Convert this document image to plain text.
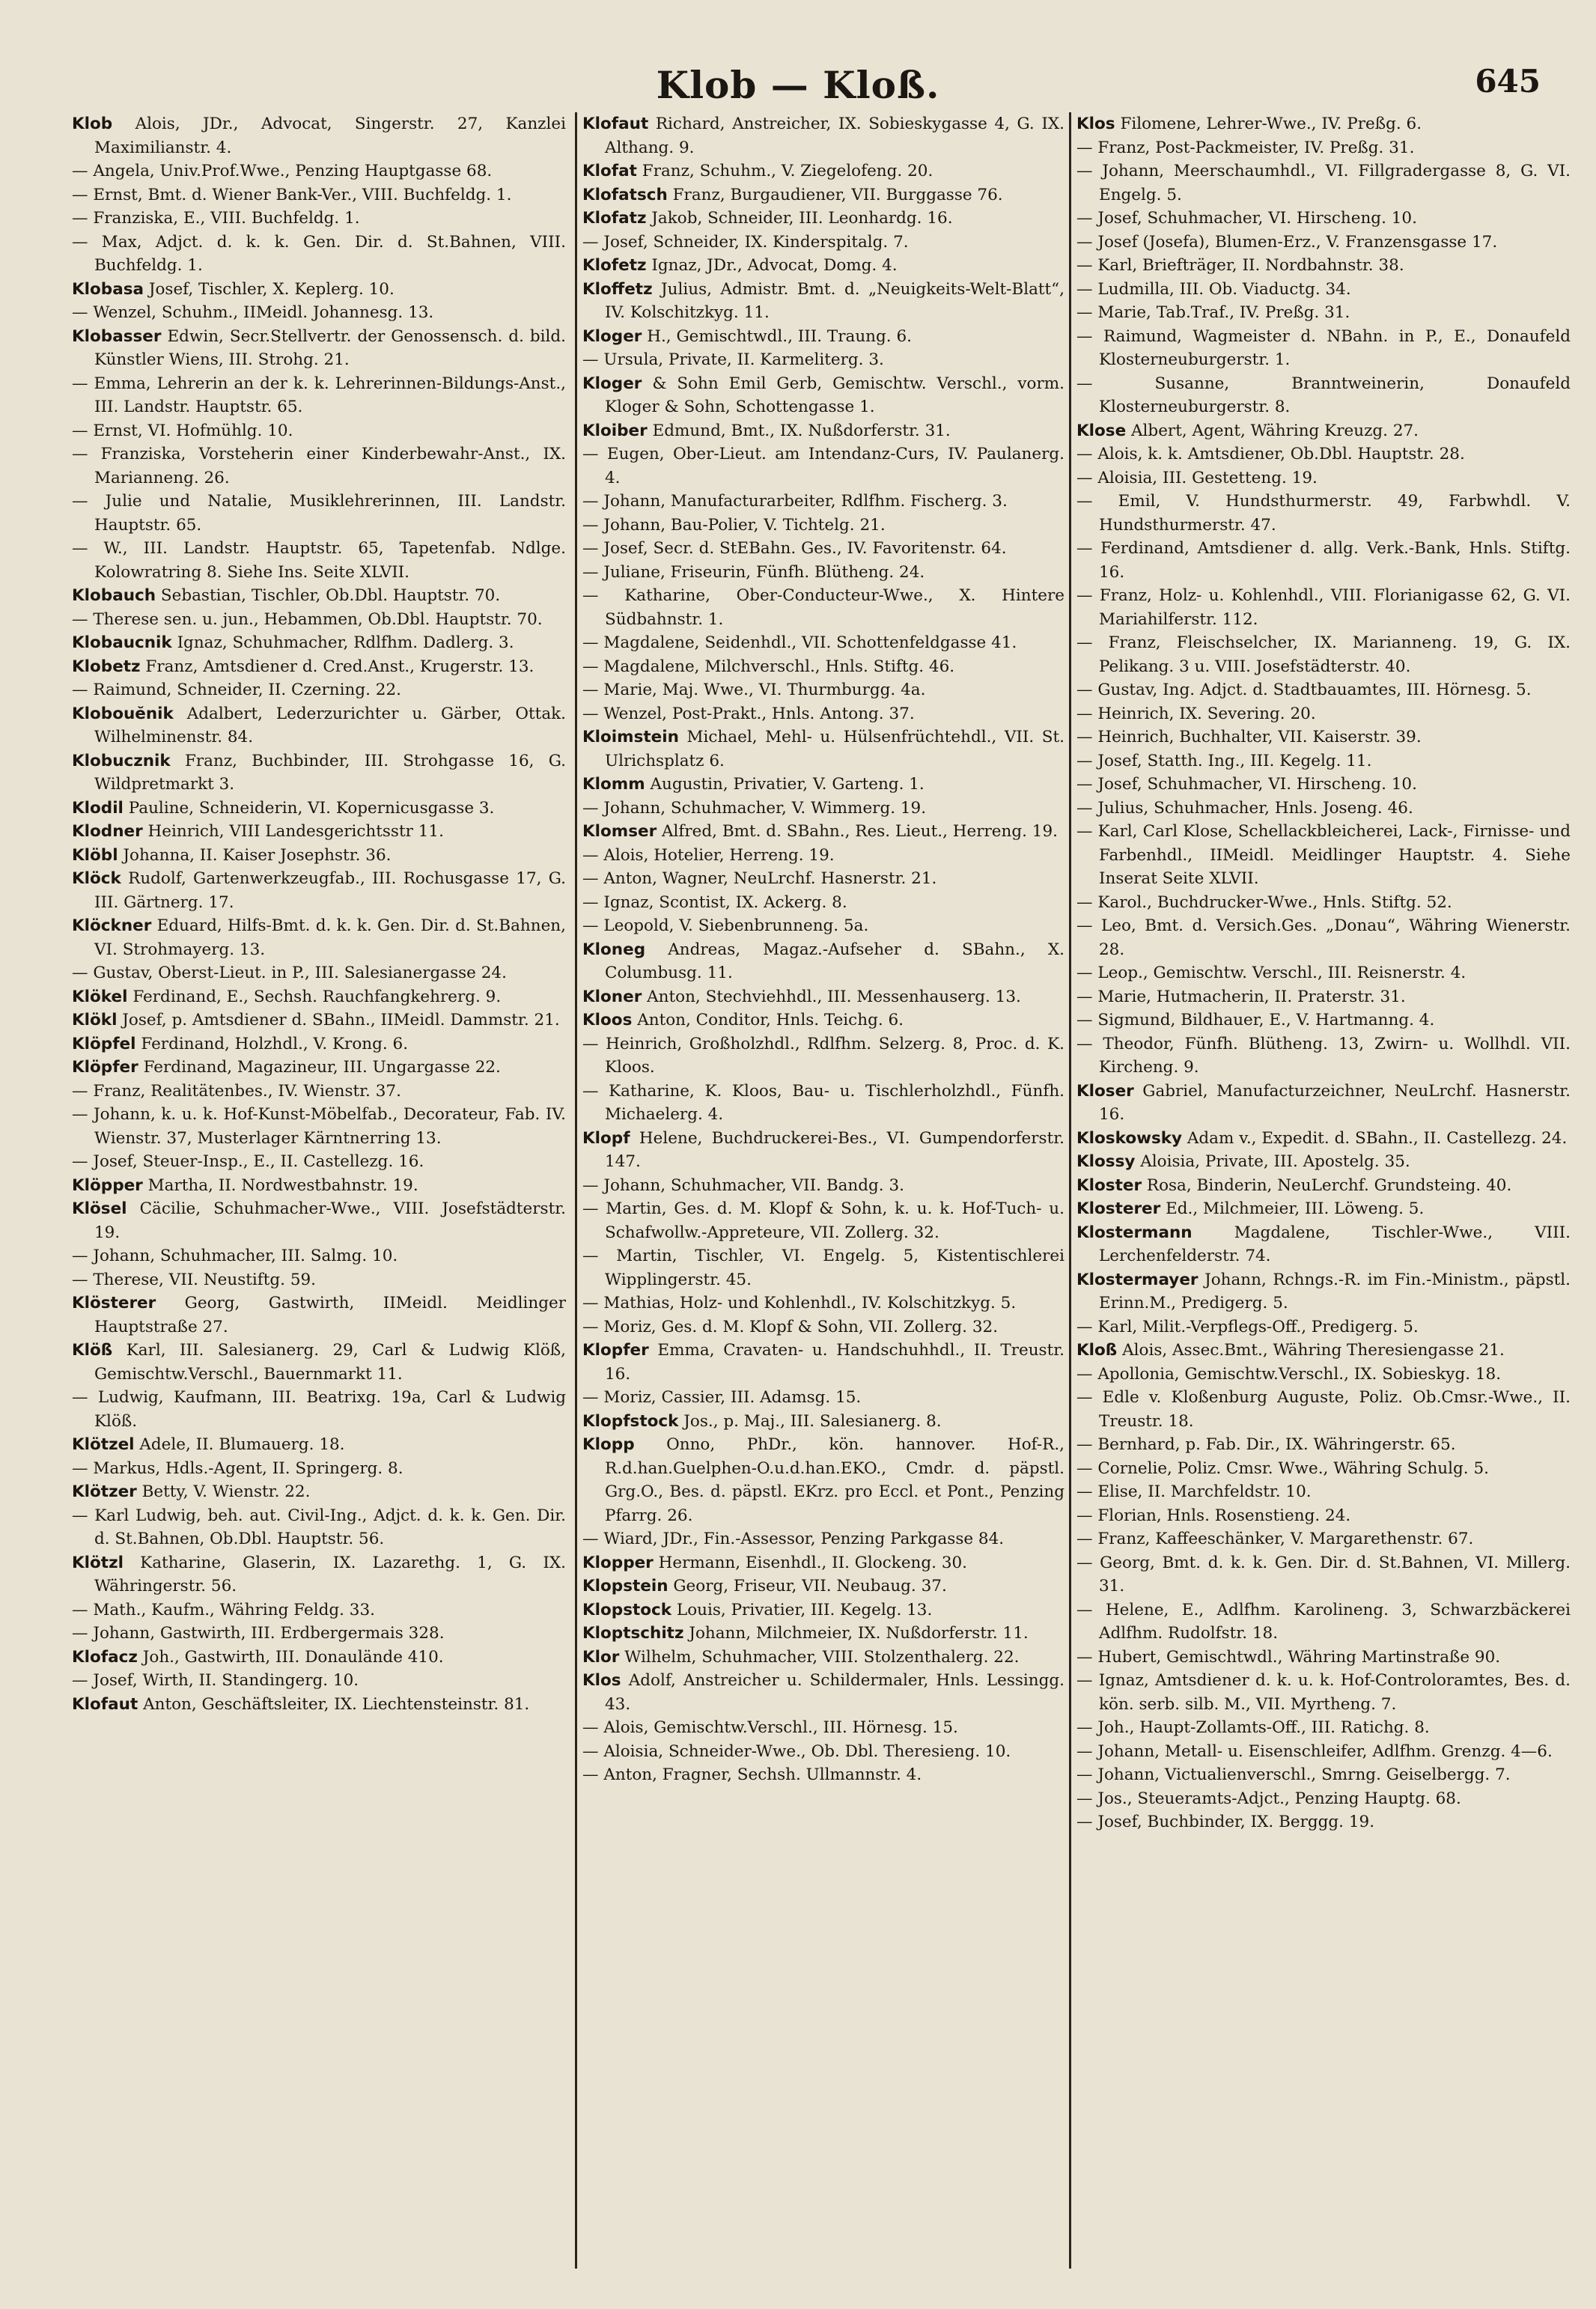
Klob — Kloß.	645

Klob Alois, JDr., Advocat, Singerstr. 27, Kanzlei Maximilianstr. 4.

— Angela, Univ.Prof.Wwe., Penzing Hauptgasse 68.

— Ernst, Bmt. d. Wiener Bank-Ver., VIII. Buchfeldg. 1.

— Franziska, E., VIII. Buchfeldg. 1.

— Max, Adjct. d. k. k. Gen. Dir. d. St.Bahnen, VIII. Buchfeldg. 1.

Klobasa Josef, Tischler, X. Keplerg. 10.

— Wenzel, Schuhm., IIMeidl. Johannesg. 13.

Klobasser Edwin, Secr.Stellvertr. der Genossensch. d. bild. Künstler Wiens, III. Strohg. 21.

— Emma, Lehrerin an der k. k. Lehrerinnen-Bildungs-Anst., III. Landstr. Hauptstr. 65.

— Ernst, VI. Hofmühlg. 10.

— Franziska, Vorsteherin einer Kinderbewahr-Anst., IX. Marianneng. 26.

— Julie und Natalie, Musiklehrerinnen, III. Landstr. Hauptstr. 65.

— W., III. Landstr. Hauptstr. 65, Tapetenfab. Ndlge. Kolowratring 8. Siehe Ins. Seite XLVII.

Klobauch Sebastian, Tischler, Ob.Dbl. Hauptstr. 70.

— Therese sen. u. jun., Hebammen, Ob.Dbl. Hauptstr. 70.

Klobaucnik Ignaz, Schuhmacher, Rdlfhm. Dadlerg. 3.

Klobetz Franz, Amtsdiener d. Cred.Anst., Krugerstr. 13.

— Raimund, Schneider, II. Czerning. 22.

Klobouĕnik Adalbert, Lederzurichter u. Gärber, Ottak. Wilhelminenstr. 84.

Klobucznik Franz, Buchbinder, III. Strohgasse 16, G. Wildpretmarkt 3.

Klodil Pauline, Schneiderin, VI. Kopernicusgasse 3.

Klodner Heinrich, VIII Landesgerichtsstr 11.

Klöbl Johanna, II. Kaiser Josephstr. 36.

Klöck Rudolf, Gartenwerkzeugfab., III. Rochusgasse 17, G. III. Gärtnerg. 17.

Klöckner Eduard, Hilfs-Bmt. d. k. k. Gen. Dir. d. St.Bahnen, VI. Strohmayerg. 13.

— Gustav, Oberst-Lieut. in P., III. Salesianergasse 24.

Klökel Ferdinand, E., Sechsh. Rauchfangkehrerg. 9.

Klökl Josef, p. Amtsdiener d. SBahn., IIMeidl. Dammstr. 21.

Klöpfel Ferdinand, Holzhdl., V. Krong. 6.

Klöpfer Ferdinand, Magazineur, III. Ungargasse 22.

— Franz, Realitätenbes., IV. Wienstr. 37.

— Johann, k. u. k. Hof-Kunst-Möbelfab., Decorateur, Fab. IV. Wienstr. 37, Musterlager Kärntnerring 13.

— Josef, Steuer-Insp., E., II. Castellezg. 16.

Klöpper Martha, II. Nordwestbahnstr. 19.

Klösel Cäcilie, Schuhmacher-Wwe., VIII. Josefstädterstr. 19.

— Johann, Schuhmacher, III. Salmg. 10.

— Therese, VII. Neustiftg. 59.

Klösterer Georg, Gastwirth, IIMeidl. Meidlinger Hauptstraße 27.

Klöß Karl, III. Salesianerg. 29, Carl & Ludwig Klöß, Gemischtw.Verschl., Bauernmarkt 11.

— Ludwig, Kaufmann, III. Beatrixg. 19a, Carl & Ludwig Klöß.

Klötzel Adele, II. Blumauerg. 18.

— Markus, Hdls.-Agent, II. Springerg. 8.

Klötzer Betty, V. Wienstr. 22.

— Karl Ludwig, beh. aut. Civil-Ing., Adjct. d. k. k. Gen. Dir. d. St.Bahnen, Ob.Dbl. Hauptstr. 56.

Klötzl Katharine, Glaserin, IX. Lazarethg. 1, G. IX. Währingerstr. 56.

— Math., Kaufm., Währing Feldg. 33.

— Johann, Gastwirth, III. Erdbergermais 328.

Klofacz Joh., Gastwirth, III. Donaulände 410.

— Josef, Wirth, II. Standingerg. 10.

Klofaut Anton, Geschäftsleiter, IX. Liechtensteinstr. 81.

Klofaut Richard, Anstreicher, IX. Sobieskygasse 4, G. IX. Althang. 9.

Klofat Franz, Schuhm., V. Ziegelofeng. 20.

Klofatsch Franz, Burgaudiener, VII. Burggasse 76.

Klofatz Jakob, Schneider, III. Leonhardg. 16.

— Josef, Schneider, IX. Kinderspitalg. 7.

Klofetz Ignaz, JDr., Advocat, Domg. 4.

Kloffetz Julius, Admistr. Bmt. d. „Neuigkeits-Welt-Blatt“, IV. Kolschitzkyg. 11.

Kloger H., Gemischtwdl., III. Traung. 6.

— Ursula, Private, II. Karmeliterg. 3.

Kloger & Sohn Emil Gerb, Gemischtw. Verschl., vorm. Kloger & Sohn, Schottengasse 1.

Kloiber Edmund, Bmt., IX. Nußdorferstr. 31.

— Eugen, Ober-Lieut. am Intendanz-Curs, IV. Paulanerg. 4.

— Johann, Manufacturarbeiter, Rdlfhm. Fischerg. 3.

— Johann, Bau-Polier, V. Tichtelg. 21.

— Josef, Secr. d. StEBahn. Ges., IV. Favoritenstr. 64.

— Juliane, Friseurin, Fünfh. Blütheng. 24.

— Katharine, Ober-Conducteur-Wwe., X. Hintere Südbahnstr. 1.

— Magdalene, Seidenhdl., VII. Schottenfeldgasse 41.

— Magdalene, Milchverschl., Hnls. Stiftg. 46.

— Marie, Maj. Wwe., VI. Thurmburgg. 4a.

— Wenzel, Post-Prakt., Hnls. Antong. 37.

Kloimstein Michael, Mehl- u. Hülsenfrüchtehdl., VII. St. Ulrichsplatz 6.

Klomm Augustin, Privatier, V. Garteng. 1.

— Johann, Schuhmacher, V. Wimmerg. 19.

Klomser Alfred, Bmt. d. SBahn., Res. Lieut., Herreng. 19.

— Alois, Hotelier, Herreng. 19.

— Anton, Wagner, NeuLrchf. Hasnerstr. 21.

— Ignaz, Scontist, IX. Ackerg. 8.

— Leopold, V. Siebenbrunneng. 5a.

Kloneg Andreas, Magaz.-Aufseher d. SBahn., X. Columbusg. 11.

Kloner Anton, Stechviehhdl., III. Messenhauserg. 13.

Kloos Anton, Conditor, Hnls. Teichg. 6.

— Heinrich, Großholzhdl., Rdlfhm. Selzerg. 8, Proc. d. K. Kloos.

— Katharine, K. Kloos, Bau- u. Tischlerholzhdl., Fünfh. Michaelerg. 4.

Klopf Helene, Buchdruckerei-Bes., VI. Gumpendorferstr. 147.

— Johann, Schuhmacher, VII. Bandg. 3.

— Martin, Ges. d. M. Klopf & Sohn, k. u. k. Hof-Tuch- u. Schafwollw.-Appreteure, VII. Zollerg. 32.

— Martin, Tischler, VI. Engelg. 5, Kistentischlerei Wipplingerstr. 45.

— Mathias, Holz- und Kohlenhdl., IV. Kolschitzkyg. 5.

— Moriz, Ges. d. M. Klopf & Sohn, VII. Zollerg. 32.

Klopfer Emma, Cravaten- u. Handschuhhdl., II. Treustr. 16.

— Moriz, Cassier, III. Adamsg. 15.

Klopfstock Jos., p. Maj., III. Salesianerg. 8.

Klopp Onno, PhDr., kön. hannover. Hof-R., R.d.han.Guelphen-O.u.d.han.EKO., Cmdr. d. päpstl. Grg.O., Bes. d. päpstl. EKrz. pro Eccl. et Pont., Penzing Pfarrg. 26.

— Wiard, JDr., Fin.-Assessor, Penzing Parkgasse 84.

Klopper Hermann, Eisenhdl., II. Glockeng. 30.

Klopstein Georg, Friseur, VII. Neubaug. 37.

Klopstock Louis, Privatier, III. Kegelg. 13.

Kloptschitz Johann, Milchmeier, IX. Nußdorferstr. 11.

Klor Wilhelm, Schuhmacher, VIII. Stolzenthalerg. 22.

Klos Adolf, Anstreicher u. Schildermaler, Hnls. Lessingg. 43.

— Alois, Gemischtw.Verschl., III. Hörnesg. 15.

— Aloisia, Schneider-Wwe., Ob. Dbl. Theresieng. 10.

— Anton, Fragner, Sechsh. Ullmannstr. 4.

Klos Filomene, Lehrer-Wwe., IV. Preßg. 6.

— Franz, Post-Packmeister, IV. Preßg. 31.

— Johann, Meerschaumhdl., VI. Fillgradergasse 8, G. VI. Engelg. 5.

— Josef, Schuhmacher, VI. Hirscheng. 10.

— Josef (Josefa), Blumen-Erz., V. Franzensgasse 17.

— Karl, Briefträger, II. Nordbahnstr. 38.

— Ludmilla, III. Ob. Viaductg. 34.

— Marie, Tab.Traf., IV. Preßg. 31.

— Raimund, Wagmeister d. NBahn. in P., E., Donaufeld Klosterneuburgerstr. 1.

— Susanne, Branntweinerin, Donaufeld Klosterneuburgerstr. 8.

Klose Albert, Agent, Währing Kreuzg. 27.

— Alois, k. k. Amtsdiener, Ob.Dbl. Hauptstr. 28.

— Aloisia, III. Gestetteng. 19.

— Emil, V. Hundsthurmerstr. 49, Farbwhdl. V. Hundsthurmerstr. 47.

— Ferdinand, Amtsdiener d. allg. Verk.-Bank, Hnls. Stiftg. 16.

— Franz, Holz- u. Kohlenhdl., VIII. Florianigasse 62, G. VI. Mariahilferstr. 112.

— Franz, Fleischselcher, IX. Marianneng. 19, G. IX. Pelikang. 3 u. VIII. Josefstädterstr. 40.

— Gustav, Ing. Adjct. d. Stadtbauamtes, III. Hörnesg. 5.

— Heinrich, IX. Severing. 20.

— Heinrich, Buchhalter, VII. Kaiserstr. 39.

— Josef, Statth. Ing., III. Kegelg. 11.

— Josef, Schuhmacher, VI. Hirscheng. 10.

— Julius, Schuhmacher, Hnls. Joseng. 46.

— Karl, Carl Klose, Schellackbleicherei, Lack-, Firnisse- und Farbenhdl., IIMeidl. Meidlinger Hauptstr. 4. Siehe Inserat Seite XLVII.

— Karol., Buchdrucker-Wwe., Hnls. Stiftg. 52.

— Leo, Bmt. d. Versich.Ges. „Donau“, Währing Wienerstr. 28.

— Leop., Gemischtw. Verschl., III. Reisnerstr. 4.

— Marie, Hutmacherin, II. Praterstr. 31.

— Sigmund, Bildhauer, E., V. Hartmanng. 4.

— Theodor, Fünfh. Blütheng. 13, Zwirn- u. Wollhdl. VII. Kircheng. 9.

Kloser Gabriel, Manufacturzeichner, NeuLrchf. Hasnerstr. 16.

Kloskowsky Adam v., Expedit. d. SBahn., II. Castellezg. 24.

Klossy Aloisia, Private, III. Apostelg. 35.

Kloster Rosa, Binderin, NeuLerchf. Grundsteing. 40.

Klosterer Ed., Milchmeier, III. Löweng. 5.

Klostermann Magdalene, Tischler-Wwe., VIII. Lerchenfelderstr. 74.

Klostermayer Johann, Rchngs.-R. im Fin.-Ministm., päpstl. Erinn.M., Predigerg. 5.

— Karl, Milit.-Verpflegs-Off., Predigerg. 5.

Kloß Alois, Assec.Bmt., Währing Theresiengasse 21.

— Apollonia, Gemischtw.Verschl., IX. Sobieskyg. 18.

— Edle v. Kloßenburg Auguste, Poliz. Ob.Cmsr.-Wwe., II. Treustr. 18.

— Bernhard, p. Fab. Dir., IX. Währingerstr. 65.

— Cornelie, Poliz. Cmsr. Wwe., Währing Schulg. 5.

— Elise, II. Marchfeldstr. 10.

— Florian, Hnls. Rosenstieng. 24.

— Franz, Kaffeeschänker, V. Margarethenstr. 67.

— Georg, Bmt. d. k. k. Gen. Dir. d. St.Bahnen, VI. Millerg. 31.

— Helene, E., Adlfhm. Karolineng. 3, Schwarzbäckerei Adlfhm. Rudolfstr. 18.

— Hubert, Gemischtwdl., Währing Martinstraße 90.

— Ignaz, Amtsdiener d. k. u. k. Hof-Controloramtes, Bes. d. kön. serb. silb. M., VII. Myrtheng. 7.

— Joh., Haupt-Zollamts-Off., III. Ratichg. 8.

— Johann, Metall- u. Eisenschleifer, Adlfhm. Grenzg. 4—6.

— Johann, Victualienverschl., Smrng. Geiselbergg. 7.

— Jos., Steueramts-Adjct., Penzing Hauptg. 68.

— Josef, Buchbinder, IX. Berggg. 19.
